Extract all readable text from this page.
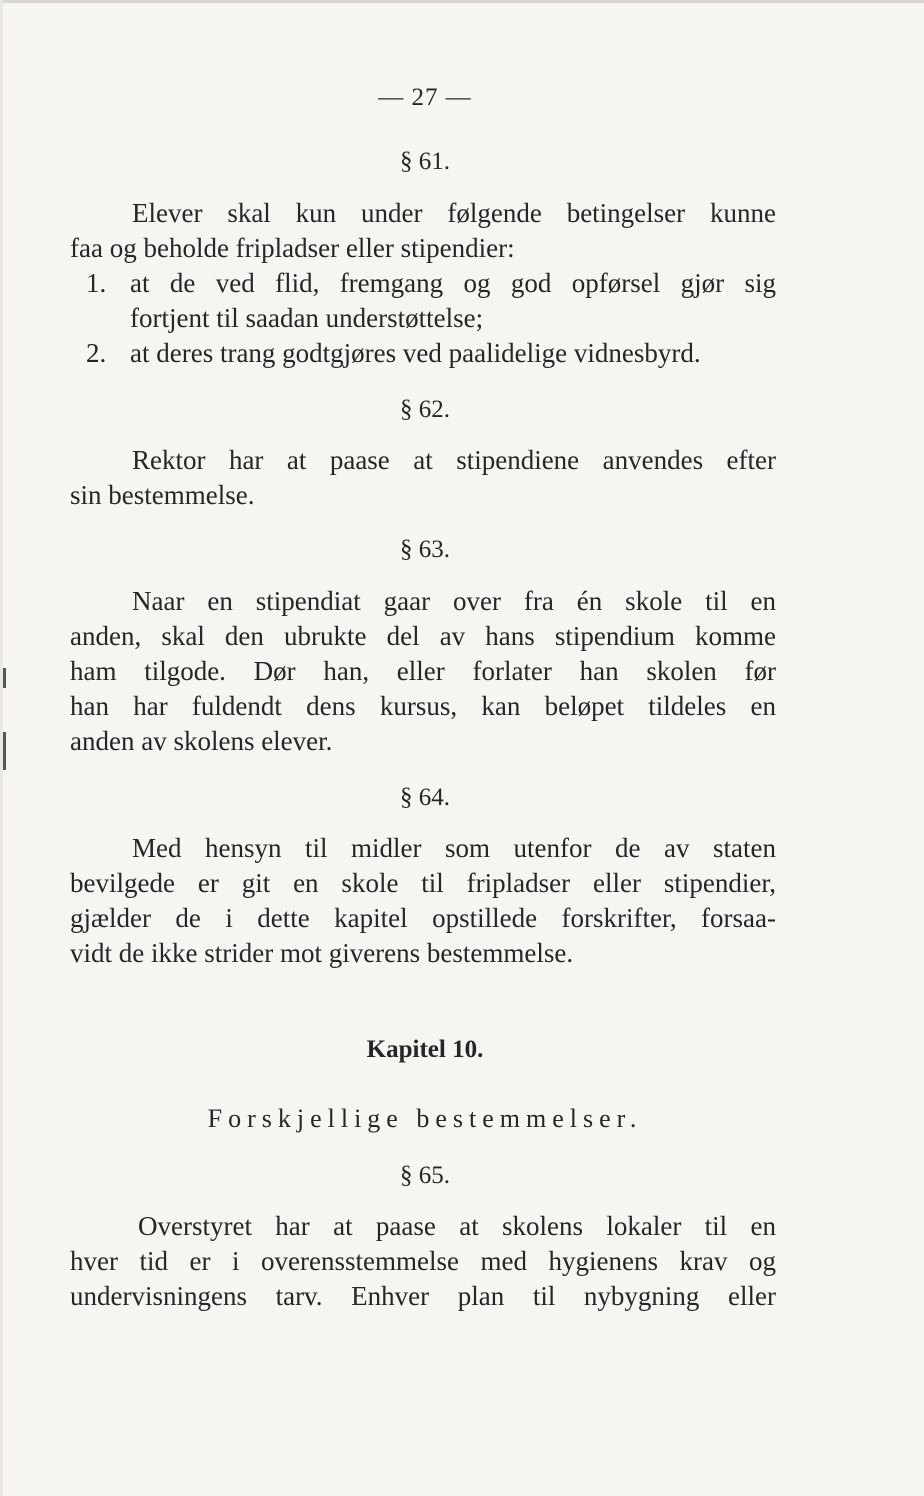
— 27 —
§ 61.
Elever skal kun under følgende betingelser kunne
faa og beholde fripladser eller stipendier:
1. at de ved flid, fremgang og god opførsel gjør sig
fortjent til saadan understøttelse;
2. at deres trang godtgjøres ved paalidelige vidnesbyrd.
§ 62.
Rektor har at paase at stipendiene anvendes efter
sin bestemmelse.
§ 63.
Naar en stipendiat gaar over fra én skole til en
anden, skal den ubrukte del av hans stipendium komme
ham tilgode. Dør han, eller forlater han skolen før
han har fuldendt dens kursus, kan beløpet tildeles en
anden av skolens elever.
§ 64.
Med hensyn til midler som utenfor de av staten
bevilgede er git en skole til fripladser eller stipendier,
gjælder de i dette kapitel opstillede forskrifter, forsaa-
vidt de ikke strider mot giverens bestemmelse.
Kapitel 10.
Forskjellige bestemmelser.
§ 65.
Overstyret har at paase at skolens lokaler til en
hver tid er i overensstemmelse med hygienens krav og
undervisningens tarv. Enhver plan til nybygning eller
